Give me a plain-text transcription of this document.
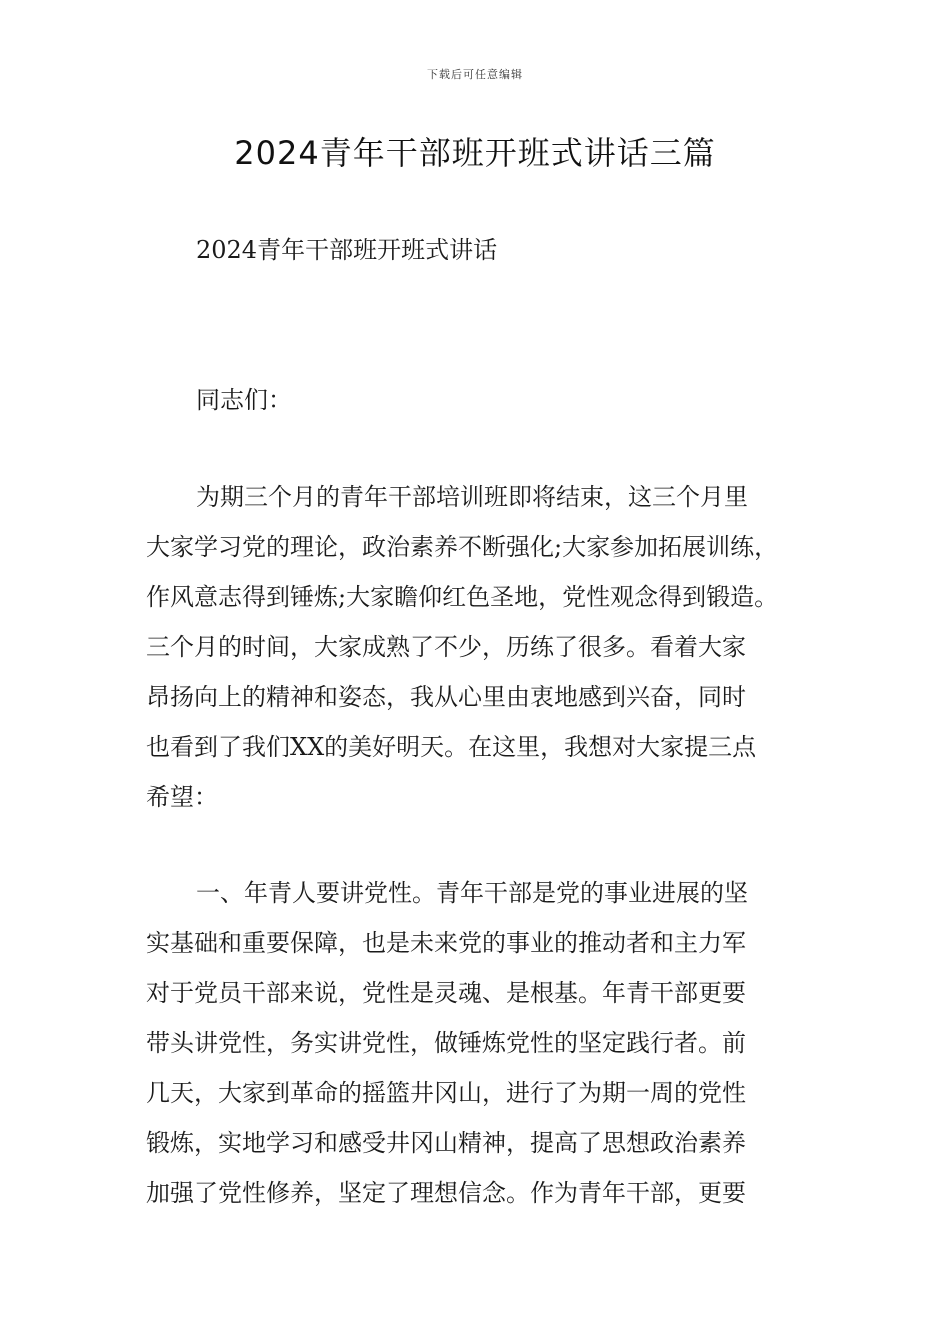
下载后可任意编辑
2024青年干部班开班式讲话三篇
2024青年干部班开班式讲话
同志们：
为期三个月的青年干部培训班即将结束，这三个月里
大家学习党的理论，政治素养不断强化;大家参加拓展训练，
作风意志得到锤炼;大家瞻仰红色圣地，党性观念得到锻造。
三个月的时间，大家成熟了不少，历练了很多。看着大家
昂扬向上的精神和姿态，我从心里由衷地感到兴奋，同时
也看到了我们XX的美好明天。在这里，我想对大家提三点
希望：
一、年青人要讲党性。青年干部是党的事业进展的坚
实基础和重要保障，也是未来党的事业的推动者和主力军
对于党员干部来说，党性是灵魂、是根基。年青干部更要
带头讲党性，务实讲党性，做锤炼党性的坚定践行者。前
几天，大家到革命的摇篮井冈山，进行了为期一周的党性
锻炼，实地学习和感受井冈山精神，提高了思想政治素养
加强了党性修养，坚定了理想信念。作为青年干部，更要
